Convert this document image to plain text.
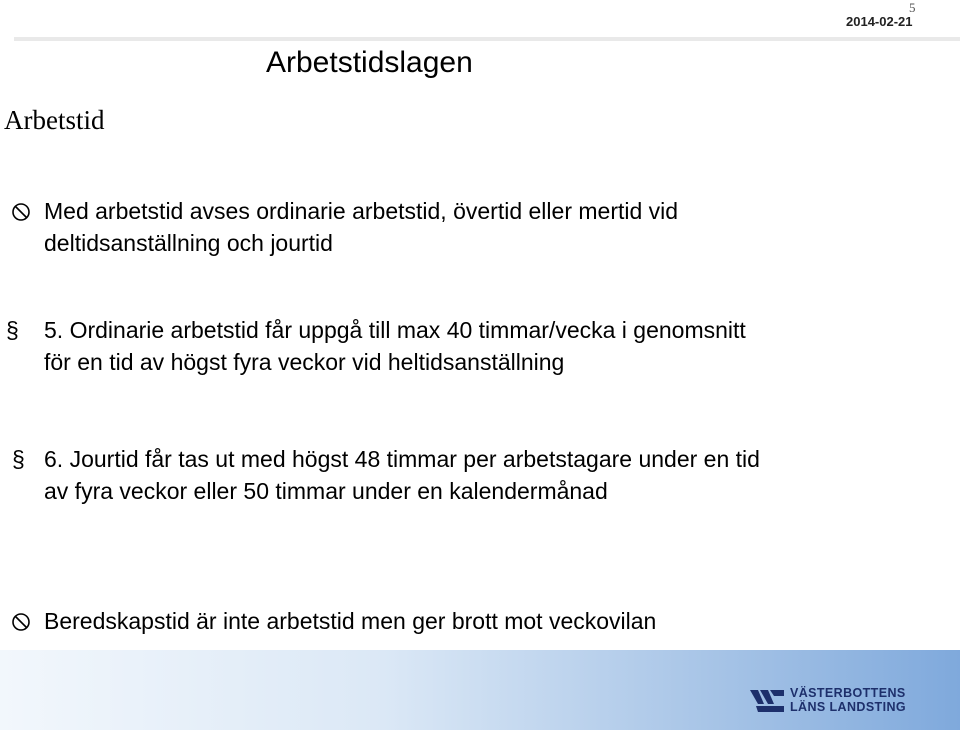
5
2014-02-21
Arbetstidslagen
Arbetstid
Med arbetstid avses ordinarie arbetstid, övertid eller mertid vid
deltidsanställning och jourtid
§ 5. Ordinarie arbetstid får uppgå till max 40 timmar/vecka i genomsnitt
för en tid av högst fyra veckor vid heltidsanställning
§ 6. Jourtid får tas ut med högst 48 timmar per arbetstagare under en tid
av fyra veckor eller 50 timmar under en kalendermånad
Beredskapstid är inte arbetstid men ger brott mot veckovilan
VÄSTERBOTTENS
LÄNS LANDSTING
